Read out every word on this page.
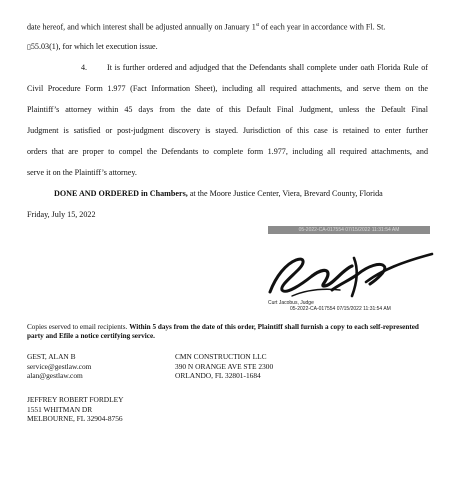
date hereof, and which interest shall be adjusted annually on January 1st of each year in accordance with Fl. St.
▯55.03(1), for which let execution issue.
4. It is further ordered and adjudged that the Defendants shall complete under oath Florida Rule of
Civil Procedure Form 1.977 (Fact Information Sheet), including all required attachments, and serve them on the
Plaintiff’s attorney within 45 days from the date of this Default Final Judgment, unless the Default Final
Judgment is satisfied or post-judgment discovery is stayed. Jurisdiction of this case is retained to enter further
orders that are proper to compel the Defendants to complete form 1.977, including all required attachments, and
serve it on the Plaintiff’s attorney.
DONE AND ORDERED in Chambers, at the Moore Justice Center, Viera, Brevard County, Florida
Friday, July 15, 2022
05-2022-CA-017554 07/15/2022 11:31:54 AM
Curt Jacobus, Judge
05-2022-CA-017554 07/15/2022 11:31:54 AM
Copies eserved to email recipients. Within 5 days from the date of this order, Plaintiff shall furnish a copy to each self-represented party and Efile a notice certifying service.
GEST, ALAN B
service@gestlaw.com
alan@gestlaw.com
CMN CONSTRUCTION LLC
390 N ORANGE AVE STE 2300
ORLANDO, FL 32801-1684
JEFFREY ROBERT FORDLEY
1551 WHITMAN DR
MELBOURNE, FL 32904-8756
